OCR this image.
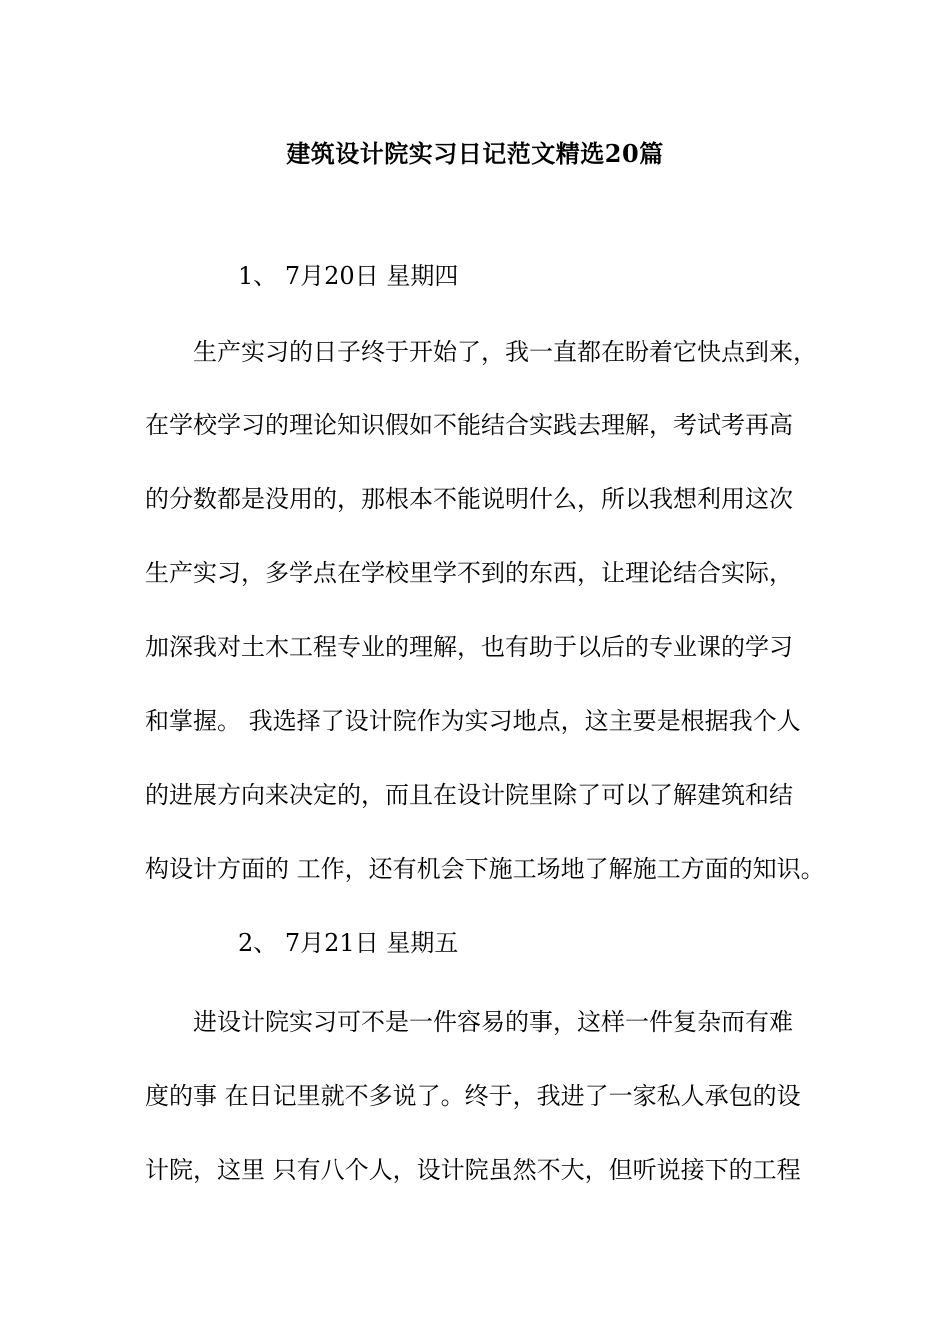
建筑设计院实习日记范文精选20篇
1、 7月20日 星期四
生产实习的日子终于开始了，我一直都在盼着它快点到来，
在学校学习的理论知识假如不能结合实践去理解，考试考再高
的分数都是没用的，那根本不能说明什么，所以我想利用这次
生产实习，多学点在学校里学不到的东西，让理论结合实际，
加深我对土木工程专业的理解，也有助于以后的专业课的学习
和掌握。 我选择了设计院作为实习地点，这主要是根据我个人
的进展方向来决定的，而且在设计院里除了可以了解建筑和结
构设计方面的 工作，还有机会下施工场地了解施工方面的知识。
2、 7月21日 星期五
进设计院实习可不是一件容易的事，这样一件复杂而有难
度的事 在日记里就不多说了。终于，我进了一家私人承包的设
计院，这里 只有八个人，设计院虽然不大，但听说接下的工程
